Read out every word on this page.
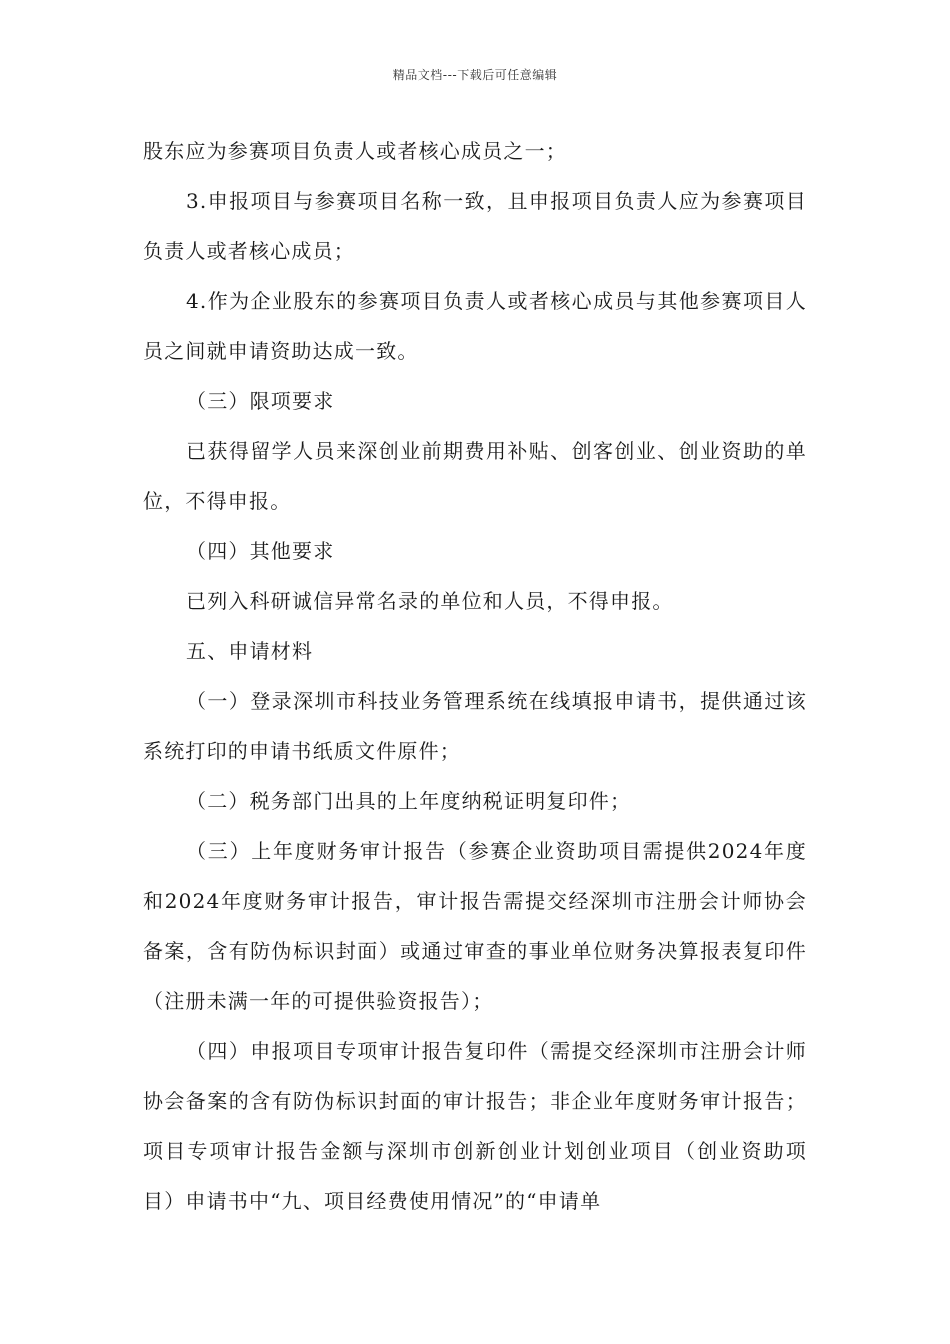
精品文档---下载后可任意编辑

股东应为参赛项目负责人或者核心成员之一；

3.申报项目与参赛项目名称一致，且申报项目负责人应为参赛项目负责人或者核心成员；

4.作为企业股东的参赛项目负责人或者核心成员与其他参赛项目人员之间就申请资助达成一致。

（三）限项要求

已获得留学人员来深创业前期费用补贴、创客创业、创业资助的单位，不得申报。

（四）其他要求

已列入科研诚信异常名录的单位和人员，不得申报。

五、申请材料

（一）登录深圳市科技业务管理系统在线填报申请书，提供通过该系统打印的申请书纸质文件原件；

（二）税务部门出具的上年度纳税证明复印件；

（三）上年度财务审计报告（参赛企业资助项目需提供2024年度和2024年度财务审计报告，审计报告需提交经深圳市注册会计师协会备案，含有防伪标识封面）或通过审查的事业单位财务决算报表复印件（注册未满一年的可提供验资报告）；

（四）申报项目专项审计报告复印件（需提交经深圳市注册会计师协会备案的含有防伪标识封面的审计报告；非企业年度财务审计报告；项目专项审计报告金额与深圳市创新创业计划创业项目（创业资助项目）申请书中“九、项目经费使用情况”的“申请单
